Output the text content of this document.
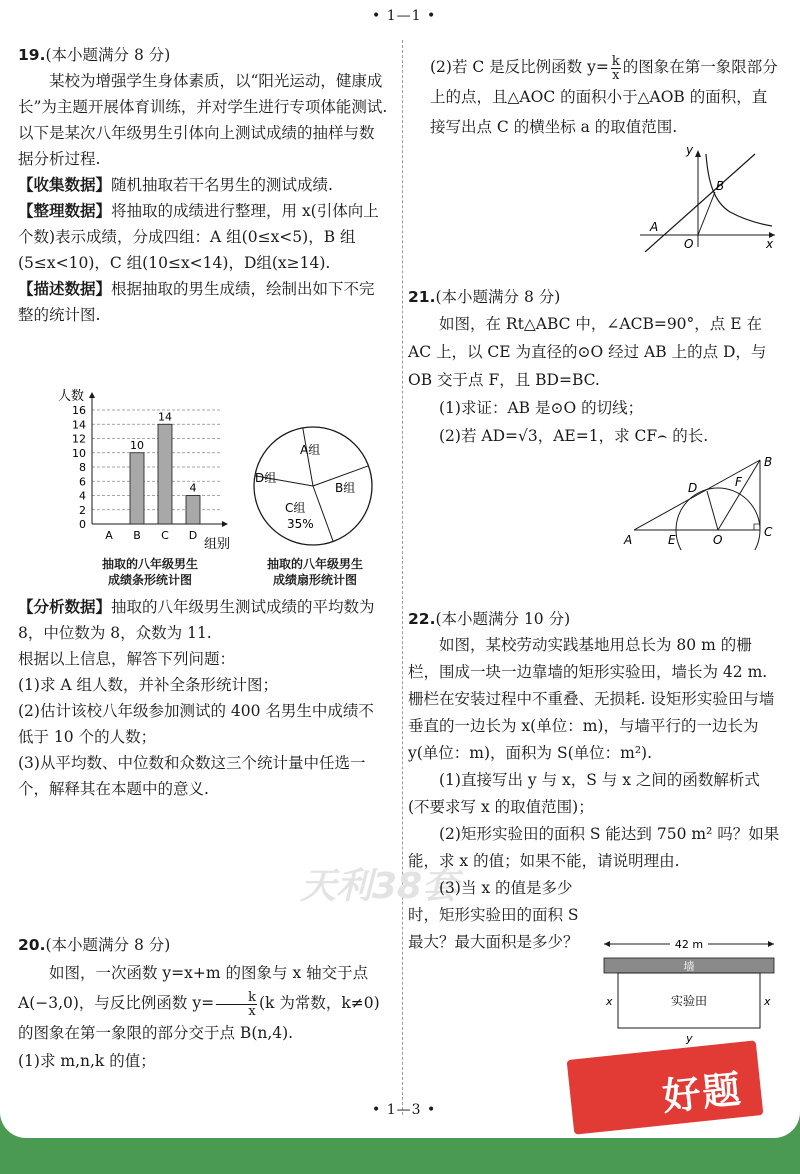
• 1—1 •
天利38套

19.(本小题满分 8 分)

某校为增强学生身体素质，以“阳光运动，健康成长”为主题开展体育训练，并对学生进行专项体能测试. 以下是某次八年级男生引体向上测试成绩的抽样与数据分析过程.

【收集数据】随机抽取若干名男生的测试成绩.

【整理数据】将抽取的成绩进行整理，用 x(引体向上个数)表示成绩，分成四组：A 组(0≤x<5)，B 组(5≤x<10)，C 组(10≤x<14)，D组(x≥14).

【描述数据】根据抽取的男生成绩，绘制出如下不完整的统计图.

0
2
4
6
8
10
12
14
16
10
14
4
A B C D
人数
组别
抽取的八年级男生
成绩条形统计图
A组
B组
C组
35%
D组
抽取的八年级男生
成绩扇形统计图

【分析数据】抽取的八年级男生测试成绩的平均数为 8，中位数为 8，众数为 11.

根据以上信息，解答下列问题：

(1)求 A 组人数，并补全条形统计图；

(2)估计该校八年级参加测试的 400 名男生中成绩不低于 10 个的人数；

(3)从平均数、中位数和众数这三个统计量中任选一个，解释其在本题中的意义.

20.(本小题满分 8 分)

如图，一次函数 y=x+m 的图象与 x 轴交于点 A(−3,0)，与反比例函数 $y= \frac{k}{x} (k$ 为常数，k≠0)的图象在第一象限的部分交于点 B(n,4).

(1)求 m,n,k 的值；

(2)若 C 是反比例函数 $y= \frac{k}{x}$ 的图象在第一象限部分上的点，且△AOC 的面积小于△AOB 的面积，直接写出点 C 的横坐标 a 的取值范围.

y
x
A
O
B

21.(本小题满分 8 分)

如图，在 Rt△ABC 中，∠ACB=90°，点 E 在 AC 上，以 CE 为直径的⊙O 经过 AB 上的点 D，与 OB 交于点 F，且 BD=BC.

(1)求证：AB 是⊙O 的切线；

(2)若 AD=√3，AE=1，求 CF⌢ 的长.

A
B
C
D
E
F
O

22.(本小题满分 10 分)

如图，某校劳动实践基地用总长为 80 m 的栅栏，围成一块一边靠墙的矩形实验田，墙长为 42 m. 栅栏在安装过程中不重叠、无损耗. 设矩形实验田与墙垂直的一边长为 x(单位：m)，与墙平行的一边长为 y(单位：m)，面积为 S(单位：m²).

(1)直接写出 y 与 x，S 与 x 之间的函数解析式(不要求写 x 的取值范围)；

(2)矩形实验田的面积 S 能达到 750 m² 吗？如果能，求 x 的值；如果不能，请说明理由.

(3)当 x 的值是多少时，矩形实验田的面积 S 最大？最大面积是多少？	42 m
墙
实验田
x	x
y
• 1—3 •	好题
